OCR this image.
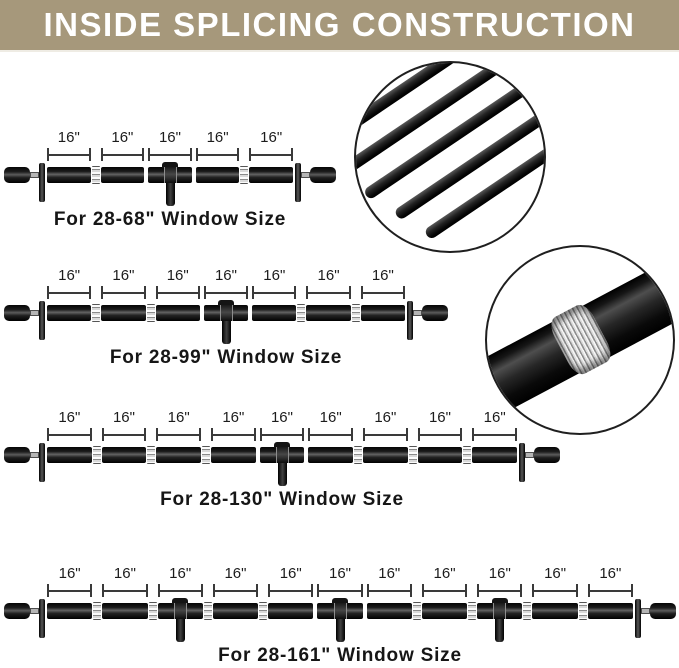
INSIDE SPLICING CONSTRUCTION
16"	16"	16"	16"	16"
For 28-68" Window Size
16"	16"	16"	16"	16"	16"	16"
For 28-99" Window Size
16"	16"	16"	16"	16"	16"	16"	16"	16"
For 28-130" Window Size
16"	16"	16"	16"	16"	16"	16"	16"	16"	16"	16"
For 28-161" Window Size
